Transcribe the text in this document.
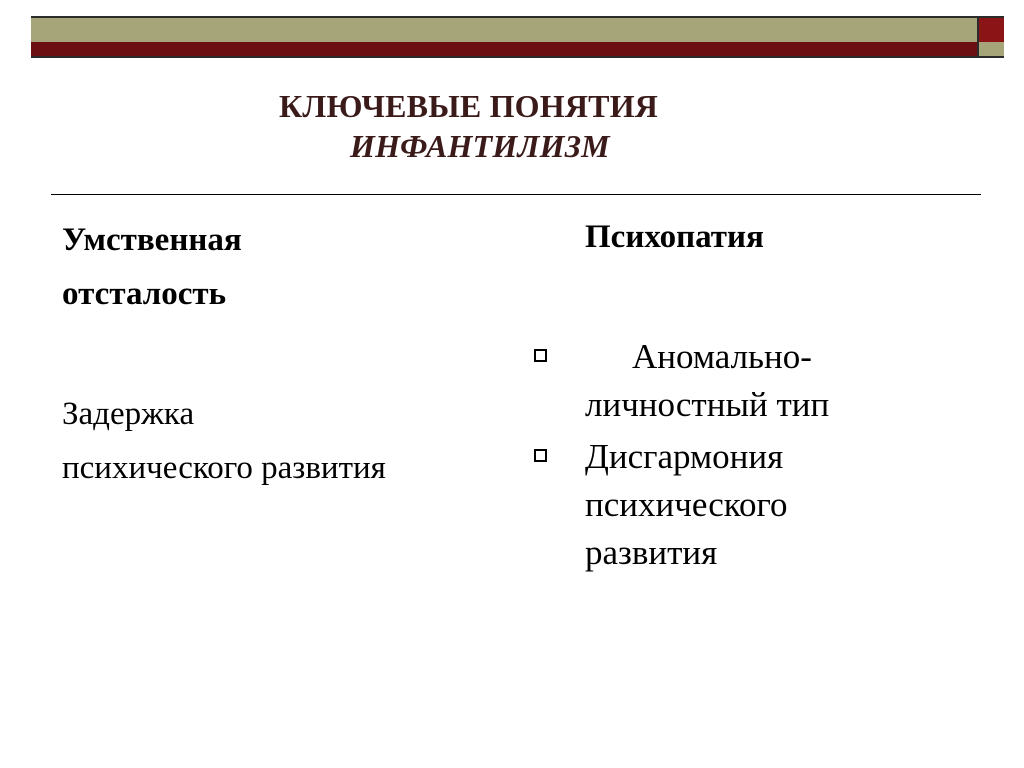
КЛЮЧЕВЫЕ ПОНЯТИЯ
ИНФАНТИЛИЗМ
Умственная
отсталость
Задержка
психического развития
Психопатия
Аномально-
личностный тип
Дисгармония
психического
развития
